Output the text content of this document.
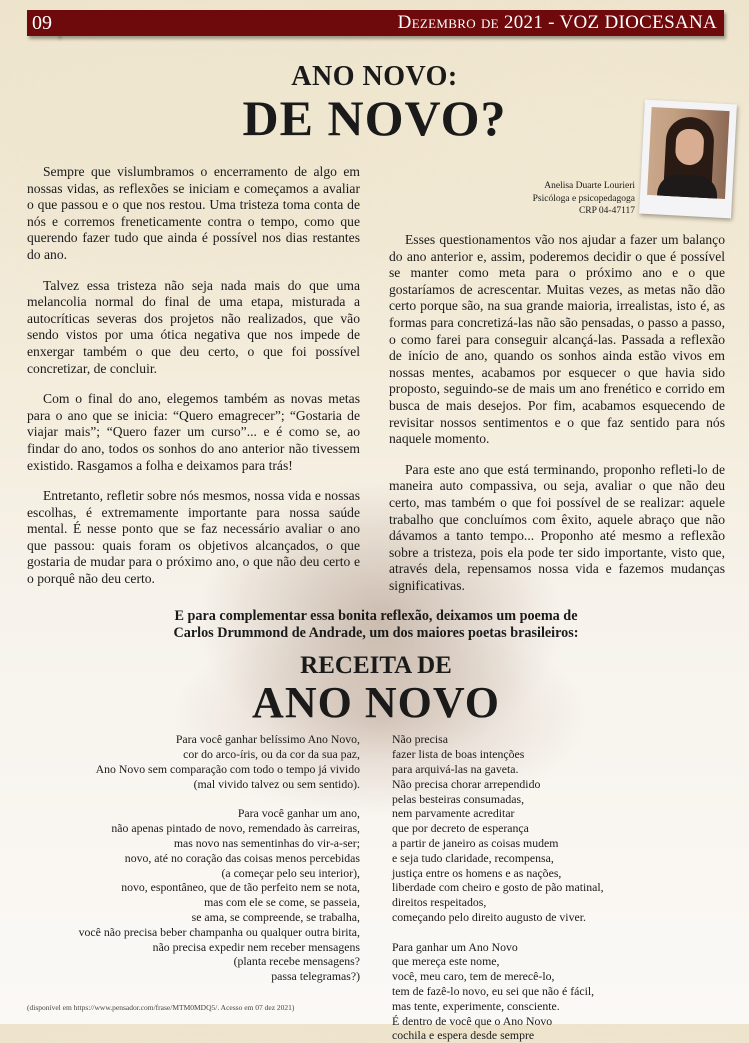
09	Dezembro de 2021 - VOZ DIOCESANA
ANO NOVO:
DE NOVO?
Anelisa Duarte Lourieri
Psicóloga e psicopedagoga
CRP 04-47117

Sempre que vislumbramos o encerramento de algo em nossas vidas, as reflexões se iniciam e começamos a avaliar o que passou e o que nos restou. Uma tristeza toma conta de nós e corremos freneticamente contra o tempo, como que querendo fazer tudo que ainda é possível nos dias restantes do ano.

Talvez essa tristeza não seja nada mais do que uma melancolia normal do final de uma etapa, misturada a autocríticas severas dos projetos não realizados, que vão sendo vistos por uma ótica negativa que nos impede de enxergar também o que deu certo, o que foi possível concretizar, de concluir.

Com o final do ano, elegemos também as novas metas para o ano que se inicia: “Quero emagrecer”; “Gostaria de viajar mais”; “Quero fazer um curso”... e é como se, ao findar do ano, todos os sonhos do ano anterior não tivessem existido. Rasgamos a folha e deixamos para trás!

Entretanto, refletir sobre nós mesmos, nossa vida e nossas escolhas, é extremamente importante para nossa saúde mental. É nesse ponto que se faz necessário avaliar o ano que passou: quais foram os objetivos alcançados, o que gostaria de mudar para o próximo ano, o que não deu certo e o porquê não deu certo.

Esses questionamentos vão nos ajudar a fazer um balanço do ano anterior e, assim, poderemos decidir o que é possível se manter como meta para o próximo ano e o que gostaríamos de acrescentar. Muitas vezes, as metas não dão certo porque são, na sua grande maioria, irrealistas, isto é, as formas para concretizá-las não são pensadas, o passo a passo, o como farei para conseguir alcançá-las. Passada a reflexão de início de ano, quando os sonhos ainda estão vivos em nossas mentes, acabamos por esquecer o que havia sido proposto, seguindo-se de mais um ano frenético e corrido em busca de mais desejos. Por fim, acabamos esquecendo de revisitar nossos sentimentos e o que faz sentido para nós naquele momento.

Para este ano que está terminando, proponho refleti-lo de maneira auto compassiva, ou seja, avaliar o que não deu certo, mas também o que foi possível de se realizar: aquele trabalho que concluímos com êxito, aquele abraço que não dávamos a tanto tempo... Proponho até mesmo a reflexão sobre a tristeza, pois ela pode ter sido importante, visto que, através dela, repensamos nossa vida e fazemos mudanças significativas.

E para complementar essa bonita reflexão, deixamos um poema de
Carlos Drummond de Andrade, um dos maiores poetas brasileiros:
RECEITA DE
ANO NOVO
Para você ganhar belíssimo Ano Novo,
cor do arco-íris, ou da cor da sua paz,
Ano Novo sem comparação com todo o tempo já vivido
(mal vivido talvez ou sem sentido).

Para você ganhar um ano,
não apenas pintado de novo, remendado às carreiras,
mas novo nas sementinhas do vir-a-ser;
novo, até no coração das coisas menos percebidas
(a começar pelo seu interior),
novo, espontâneo, que de tão perfeito nem se nota,
mas com ele se come, se passeia,
se ama, se compreende, se trabalha,
você não precisa beber champanha ou qualquer outra birita,
não precisa expedir nem receber mensagens
(planta recebe mensagens?
passa telegramas?)
Não precisa
fazer lista de boas intenções
para arquivá-las na gaveta.
Não precisa chorar arrependido
pelas besteiras consumadas,
nem parvamente acreditar
que por decreto de esperança
a partir de janeiro as coisas mudem
e seja tudo claridade, recompensa,
justiça entre os homens e as nações,
liberdade com cheiro e gosto de pão matinal,
direitos respeitados,
começando pelo direito augusto de viver.

Para ganhar um Ano Novo
que mereça este nome,
você, meu caro, tem de merecê-lo,
tem de fazê-lo novo, eu sei que não é fácil,
mas tente, experimente, consciente.
É dentro de você que o Ano Novo
cochila e espera desde sempre
(disponível em https://www.pensador.com/frase/MTM0MDQ5/. Acesso em 07 dez 2021)
